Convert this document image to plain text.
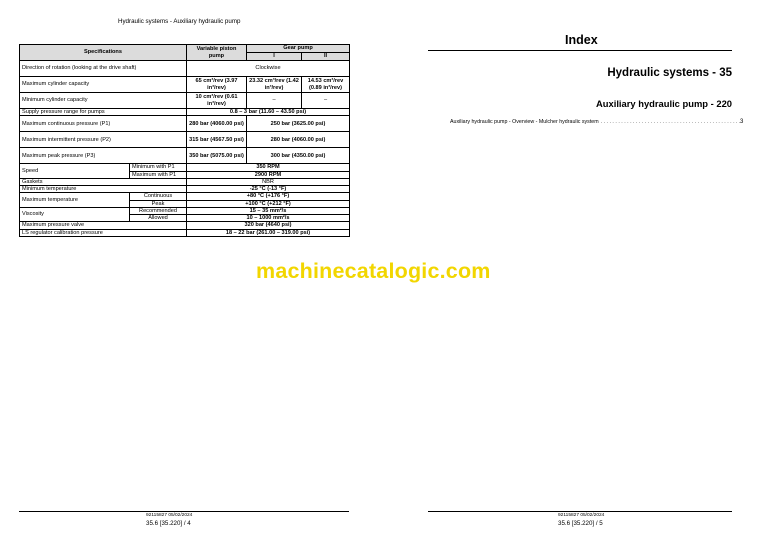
Hydraulic systems - Auxiliary hydraulic pump
Specifications		Variable piston pump	Gear pump	
			I	II
Direction of rotation (looking at the drive shaft)		Clockwise		
Maximum cylinder capacity		65 cm³/rev (3.97 in³/rev)	23.32 cm³/rev (1.42 in³/rev)	14.53 cm³/rev (0.89 in³/rev)
Minimum cylinder capacity		10 cm³/rev (0.61 in³/rev)	–	–
Supply pressure range for pumps		0.8 – 3 bar (11.60 – 43.50 psi)		
Maximum continuous pressure (P1)		280 bar (4060.00 psi)	250 bar (3625.00 psi)	
Maximum intermittent pressure (P2)		315 bar (4567.50 psi)	280 bar (4060.00 psi)	
Maximum peak pressure (P3)		350 bar (5075.00 psi)	300 bar (4350.00 psi)	
Speed	Minimum with P1	350 RPM		
	Maximum with P1	2900 RPM		
Gaskets		NBR		
Minimum temperature		-25 °C (-13 °F)		
Maximum temperature	Continuous	+80 °C (+176 °F)		
	Peak	+100 °C (+212 °F)		
Viscosity	Recommended	15 – 35 mm²/s		
	Allowed	10 – 1000 mm²/s		
Maximum pressure valve		320 bar (4640 psi)		
LS regulator calibration pressure		18 – 22 bar (261.00 – 319.00 psi)		
92115827 05/02/2024
35.6 [35.220] / 4
Index
Hydraulic systems - 35
Auxiliary hydraulic pump - 220
Auxiliary hydraulic pump - Overview - Mulcher hydraulic system . . .	3
92115827 05/02/2024
35.6 [35.220] / 5
machinecatalogic.com
